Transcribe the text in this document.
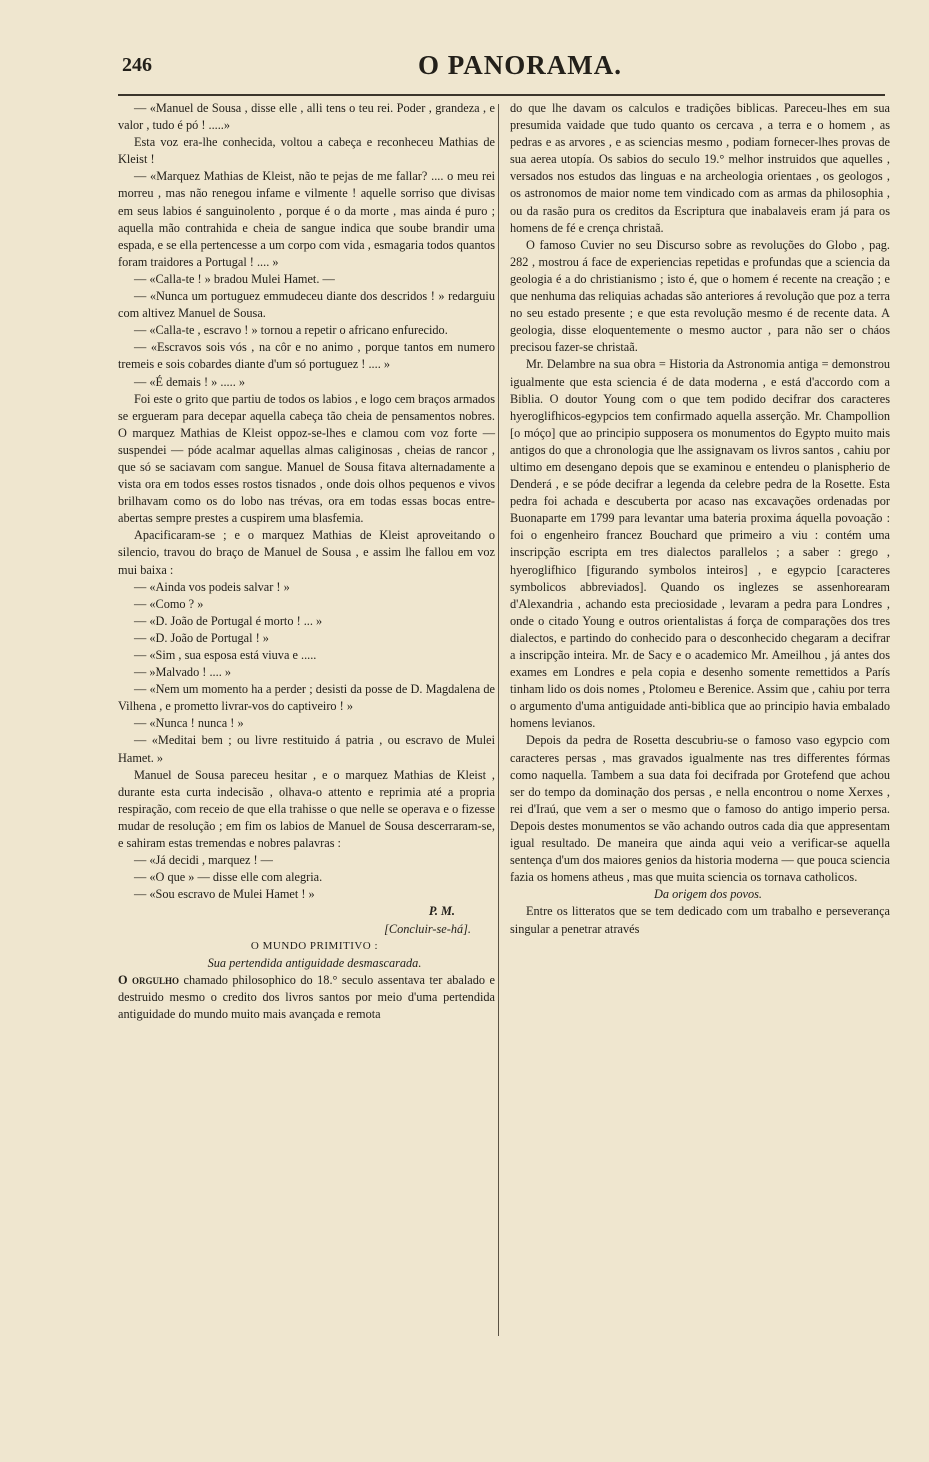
246	O PANORAMA.

— «Manuel de Sousa , disse elle , alli tens o teu rei. Poder , grandeza , e valor , tudo é pó ! .....»

Esta voz era-lhe conhecida, voltou a cabeça e reconheceu Mathias de Kleist !

— «Marquez Mathias de Kleist, não te pejas de me fallar? .... o meu rei morreu , mas não renegou infame e vilmente ! aquelle sorriso que divisas em seus labios é sanguinolento , porque é o da morte , mas ainda é puro ; aquella mão contrahida e cheia de sangue indica que soube brandir uma espada, e se ella pertencesse a um corpo com vida , esmagaria todos quantos foram traidores a Portugal ! .... »

— «Calla-te ! » bradou Mulei Hamet. —

— «Nunca um portuguez emmudeceu diante dos descridos ! » redarguiu com altivez Manuel de Sousa.

— «Calla-te , escravo ! » tornou a repetir o africano enfurecido.

— «Escravos sois vós , na côr e no animo , porque tantos em numero tremeis e sois cobardes diante d'um só portuguez ! .... »

— «É demais ! » ..... »

Foi este o grito que partiu de todos os labios , e logo cem braços armados se ergueram para decepar aquella cabeça tão cheia de pensamentos nobres. O marquez Mathias de Kleist oppoz-se-lhes e clamou com voz forte — suspendei — póde acalmar aquellas almas caliginosas , cheias de rancor , que só se saciavam com sangue. Manuel de Sousa fitava alternadamente a vista ora em todos esses rostos tisnados , onde dois olhos pequenos e vivos brilhavam como os do lobo nas trévas, ora em todas essas bocas entre-abertas sempre prestes a cuspirem uma blasfemia.

Apacificaram-se ; e o marquez Mathias de Kleist aproveitando o silencio, travou do braço de Manuel de Sousa , e assim lhe fallou em voz mui baixa :

— «Ainda vos podeis salvar ! »

— «Como ? »

— «D. João de Portugal é morto ! ... »

— «D. João de Portugal ! »

— «Sim , sua esposa está viuva e .....

— »Malvado ! .... »

— «Nem um momento ha a perder ; desisti da posse de D. Magdalena de Vilhena , e prometto livrar-vos do captiveiro ! »

— «Nunca ! nunca ! »

— «Meditai bem ; ou livre restituido á patria , ou escravo de Mulei Hamet. »

Manuel de Sousa pareceu hesitar , e o marquez Mathias de Kleist , durante esta curta indecisão , olhava-o attento e reprimia até a propria respiração, com receio de que ella trahisse o que nelle se operava e o fizesse mudar de resolução ; em fim os labios de Manuel de Sousa descerraram-se, e sahiram estas tremendas e nobres palavras :

— «Já decidi , marquez ! —

— «O que » — disse elle com alegria.

— «Sou escravo de Mulei Hamet ! »

P. M.

[Concluir-se-há].

O MUNDO PRIMITIVO :

Sua pertendida antiguidade desmascarada.

O orgulho chamado philosophico do 18.° seculo assentava ter abalado e destruido mesmo o credito dos livros santos por meio d'uma pertendida antiguidade do mundo muito mais avançada e remota

do que lhe davam os calculos e tradições biblicas. Pareceu-lhes em sua presumida vaidade que tudo quanto os cercava , a terra e o homem , as pedras e as arvores , e as sciencias mesmo , podiam fornecer-lhes provas de sua aerea utopía. Os sabios do seculo 19.° melhor instruidos que aquelles , versados nos estudos das linguas e na archeologia orientaes , os geologos , os astronomos de maior nome tem vindicado com as armas da philosophia , ou da rasão pura os creditos da Escriptura que inabalaveis eram já para os homens de fé e crença christaã.

O famoso Cuvier no seu Discurso sobre as revoluções do Globo , pag. 282 , mostrou á face de experiencias repetidas e profundas que a sciencia da geologia é a do christianismo ; isto é, que o homem é recente na creação ; e que nenhuma das reliquias achadas são anteriores á revolução que poz a terra no seu estado presente ; e que esta revolução mesmo é de recente data. A geologia, disse eloquentemente o mesmo auctor , para não ser o cháos precisou fazer-se christaã.

Mr. Delambre na sua obra = Historia da Astronomia antiga = demonstrou igualmente que esta sciencia é de data moderna , e está d'accordo com a Biblia. O doutor Young com o que tem podido decifrar dos caracteres hyeroglifhicos-egypcios tem confirmado aquella asserção. Mr. Champollion [o móço] que ao principio supposera os monumentos do Egypto muito mais antigos do que a chronologia que lhe assignavam os livros santos , cahiu por ultimo em desengano depois que se examinou e entendeu o planispherio de Denderá , e se póde decifrar a legenda da celebre pedra de la Rosette. Esta pedra foi achada e descuberta por acaso nas excavações ordenadas por Buonaparte em 1799 para levantar uma bateria proxima áquella povoação : foi o engenheiro francez Bouchard que primeiro a viu : contém uma inscripção escripta em tres dialectos parallelos ; a saber : grego , hyeroglifhico [figurando symbolos inteiros] , e egypcio [caracteres symbolicos abbreviados]. Quando os inglezes se assenhorearam d'Alexandria , achando esta preciosidade , levaram a pedra para Londres , onde o citado Young e outros orientalistas á força de comparações dos tres dialectos, e partindo do conhecido para o desconhecido chegaram a decifrar a inscripção inteira. Mr. de Sacy e o academico Mr. Ameilhou , já antes dos exames em Londres e pela copia e desenho somente remettidos a París tinham lido os dois nomes , Ptolomeu e Berenice. Assim que , cahiu por terra o argumento d'uma antiguidade anti-biblica que ao principio havia embalado homens levianos.

Depois da pedra de Rosetta descubriu-se o famoso vaso egypcio com caracteres persas , mas gravados igualmente nas tres differentes fórmas como naquella. Tambem a sua data foi decifrada por Grotefend que achou ser do tempo da dominação dos persas , e nella encontrou o nome Xerxes , rei d'Iraú, que vem a ser o mesmo que o famoso do antigo imperio persa. Depois destes monumentos se vão achando outros cada dia que appresentam igual resultado. De maneira que ainda aqui veio a verificar-se aquella sentença d'um dos maiores genios da historia moderna — que pouca sciencia fazia os homens atheus , mas que muita sciencia os tornava catholicos.

Da origem dos povos.

Entre os litteratos que se tem dedicado com um trabalho e perseverança singular a penetrar através
